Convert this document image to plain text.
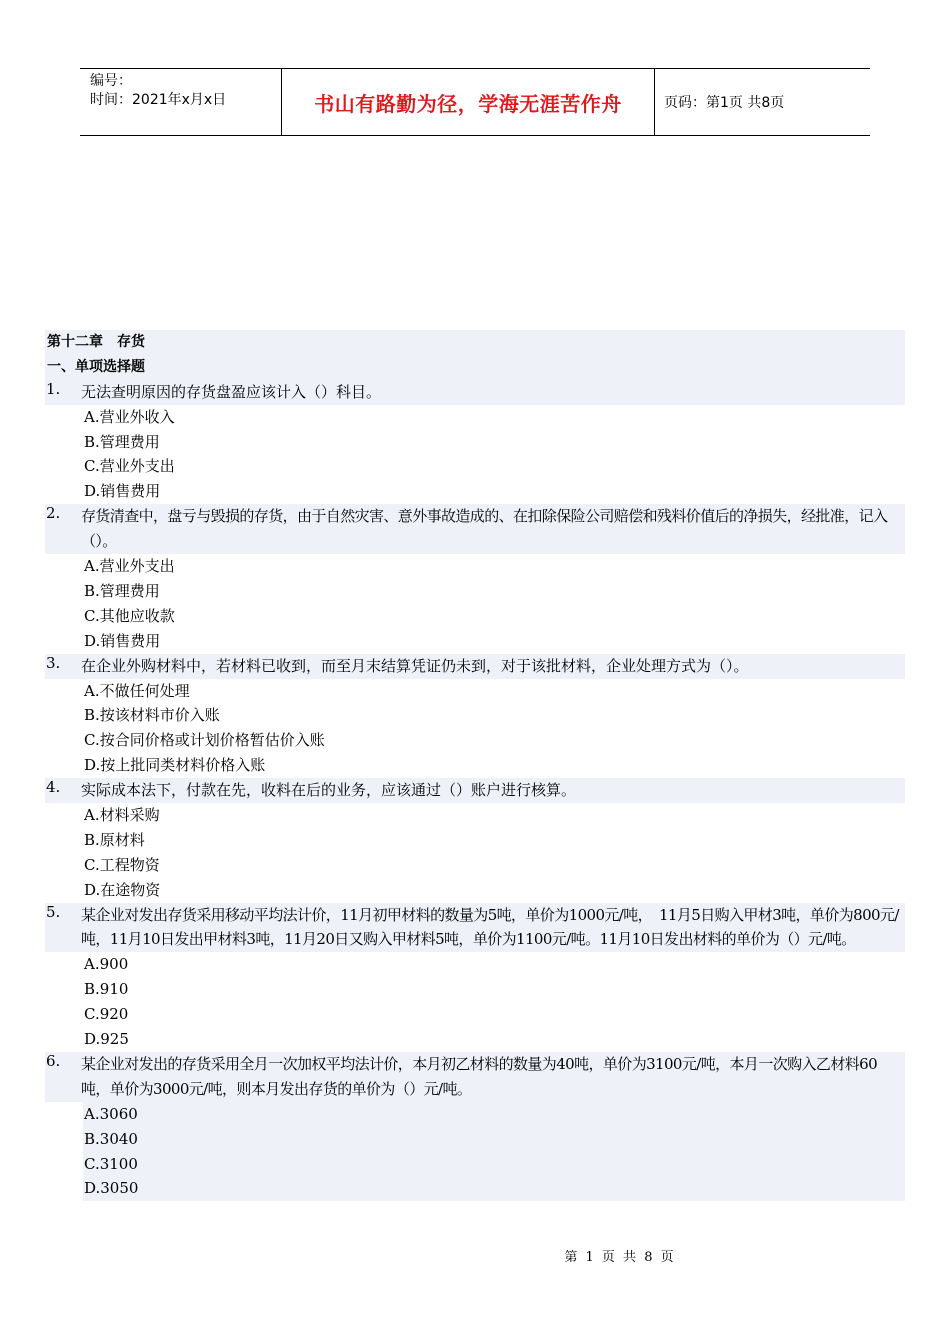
编号：
时间：2021年x月x日	书山有路勤为径，学海无涯苦作舟	页码：第1页 共8页
第十二章　存货
一、单项选择题
1.	无法查明原因的存货盘盈应该计入（）科目。
A.营业外收入
B.管理费用
C.营业外支出
D.销售费用
2.	存货清查中，盘亏与毁损的存货，由于自然灾害、意外事故造成的、在扣除保险公司赔偿和残料价值后的净损失，经批准，记入（）。
A.营业外支出
B.管理费用
C.其他应收款
D.销售费用
3.	在企业外购材料中，若材料已收到，而至月末结算凭证仍未到，对于该批材料，企业处理方式为（）。
A.不做任何处理
B.按该材料市价入账
C.按合同价格或计划价格暂估价入账
D.按上批同类材料价格入账
4.	实际成本法下，付款在先，收料在后的业务，应该通过（）账户进行核算。
A.材料采购
B.原材料
C.工程物资
D.在途物资
5.	某企业对发出存货采用移动平均法计价，11月初甲材料的数量为5吨，单价为1000元/吨，　11月5日购入甲材3吨，单价为800元/吨，11月10日发出甲材料3吨，11月20日又购入甲材料5吨，单价为1100元/吨。11月10日发出材料的单价为（）元/吨。
A.900
B.910
C.920
D.925
6.	某企业对发出的存货采用全月一次加权平均法计价，本月初乙材料的数量为40吨，单价为3100元/吨，本月一次购入乙材料60吨，单价为3000元/吨，则本月发出存货的单价为（）元/吨。
A.3060
B.3040
C.3100
D.3050
第 1 页 共 8 页
